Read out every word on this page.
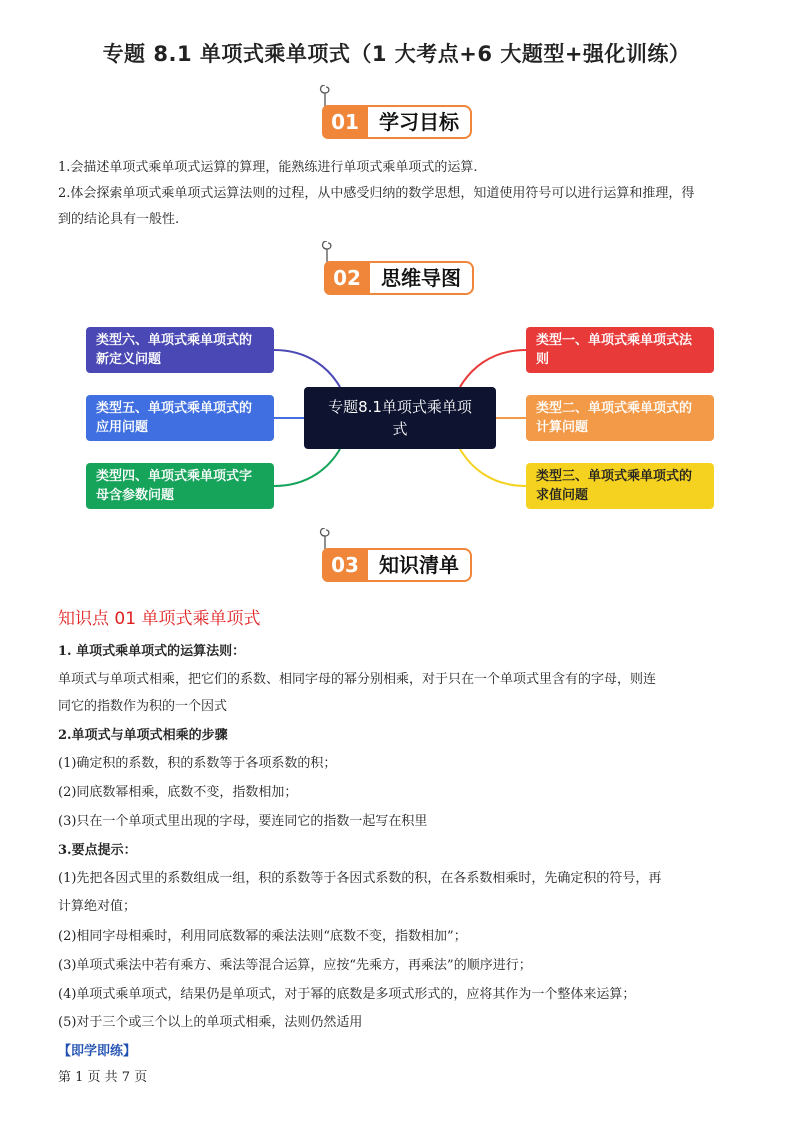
专题 8.1 单项式乘单项式（1 大考点+6 大题型+强化训练）
01	学习目标
1.会描述单项式乘单项式运算的算理，能熟练进行单项式乘单项式的运算.
2.体会探索单项式乘单项式运算法则的过程，从中感受归纳的数学思想，知道使用符号可以进行运算和推理，得
到的结论具有一般性.
02	思维导图
专题8.1单项式乘单项
式
类型六、单项式乘单项式的
新定义问题
类型五、单项式乘单项式的
应用问题
类型四、单项式乘单项式字
母含参数问题
类型一、单项式乘单项式法
则
类型二、单项式乘单项式的
计算问题
类型三、单项式乘单项式的
求值问题
03	知识清单
知识点 01 单项式乘单项式
1. 单项式乘单项式的运算法则：
单项式与单项式相乘，把它们的系数、相同字母的幂分别相乘，对于只在一个单项式里含有的字母，则连
同它的指数作为积的一个因式
2.单项式与单项式相乘的步骤
(1)确定积的系数，积的系数等于各项系数的积；
(2)同底数幂相乘，底数不变，指数相加；
(3)只在一个单项式里出现的字母，要连同它的指数一起写在积里
3.要点提示：
(1)先把各因式里的系数组成一组，积的系数等于各因式系数的积，在各系数相乘时，先确定积的符号，再
计算绝对值；
(2)相同字母相乘时，利用同底数幂的乘法法则“底数不变，指数相加”；
(3)单项式乘法中若有乘方、乘法等混合运算，应按“先乘方，再乘法”的顺序进行；
(4)单项式乘单项式，结果仍是单项式，对于幂的底数是多项式形式的，应将其作为一个整体来运算；
(5)对于三个或三个以上的单项式相乘，法则仍然适用
【即学即练】
第 1 页 共 7 页
